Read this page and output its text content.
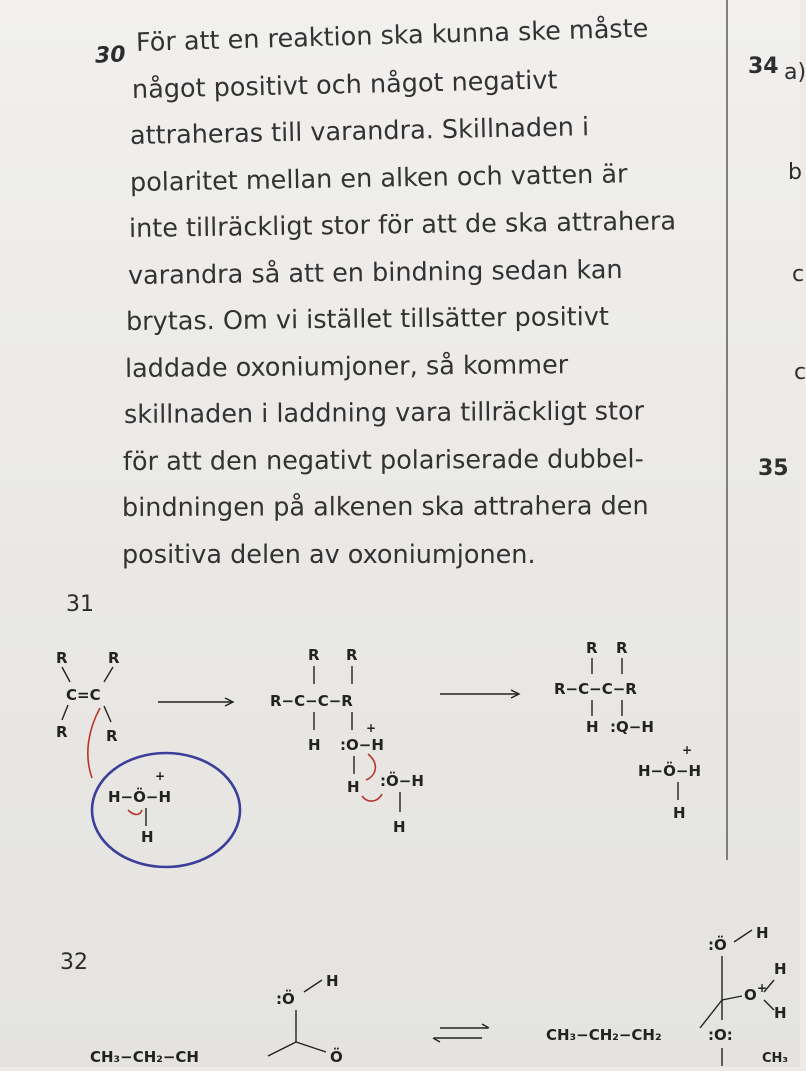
34 a)
b
c
c
35
30 För att en reaktion ska kunna ske måste
något positivt och något negativt
attraheras till varandra. Skillnaden i
polaritet mellan en alken och vatten är
inte tillräckligt stor för att de ska attrahera
varandra så att en bindning sedan kan
brytas. Om vi istället tillsätter positivt
laddade oxoniumjoner, så kommer
skillnaden i laddning vara tillräckligt stor
för att den negativt polariserade dubbel-
bindningen på alkenen ska attrahera den
positiva delen av oxoniumjonen.
31
R	R
R	R
C=C
H−Ö−H
+
H
R R
R−C−C−R
H :O−H
+
H :Ö−H
H
R R
R−C−C−R
H :Q−H
H−Ö−H
+
H
32
:Ö
H
CH₃−CH₂−CH	Ö
CH₃−CH₂−CH₂
:Ö
H
O +
H
H
:O:
CH₃
